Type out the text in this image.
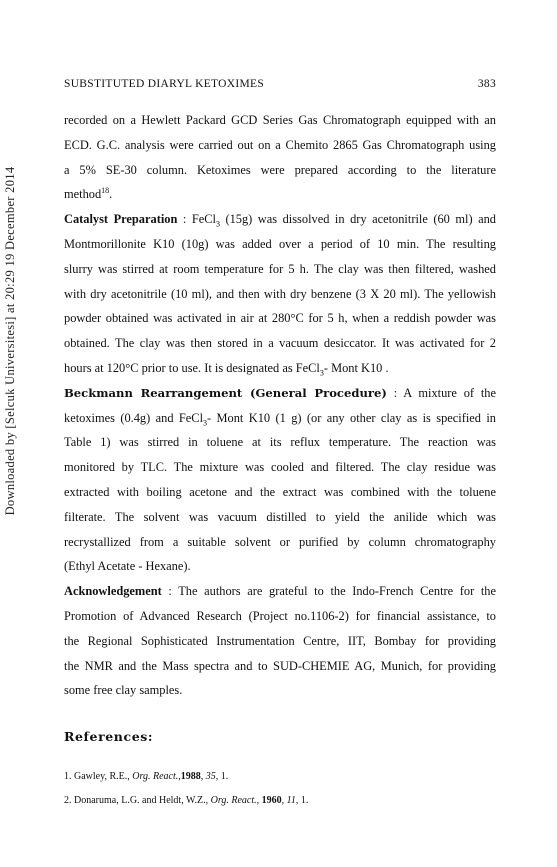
Downloaded by [Selcuk Universitesi] at 20:29 19 December 2014
SUBSTITUTED DIARYL KETOXIMES	383
recorded on a Hewlett Packard GCD Series Gas Chromatograph equipped with an
ECD. G.C. analysis were carried out on a Chemito 2865 Gas Chromatograph using
a 5% SE-30 column. Ketoximes were prepared according to the literature
method$^{18}$.
Catalyst Preparation : FeCl$_3$ (15g) was dissolved in dry acetonitrile (60 ml) and
Montmorillonite K10 (10g) was added over a period of 10 min. The resulting
slurry was stirred at room temperature for 5 h. The clay was then filtered, washed
with dry acetonitrile (10 ml), and then with dry benzene (3 X 20 ml). The yellowish
powder obtained was activated in air at 280°C for 5 h, when a reddish powder was
obtained. The clay was then stored in a vacuum desiccator. It was activated for 2
hours at 120°C prior to use. It is designated as FeCl$_3$- Mont K10 .
Beckmann Rearrangement (General Procedure) : A mixture of the
ketoximes (0.4g) and FeCl$_3$- Mont K10 (1 g) (or any other clay as is specified in
Table 1) was stirred in toluene at its reflux temperature. The reaction was
monitored by TLC. The mixture was cooled and filtered. The clay residue was
extracted with boiling acetone and the extract was combined with the toluene
filterate. The solvent was vacuum distilled to yield the anilide which was
recrystallized from a suitable solvent or purified by column chromatography
(Ethyl Acetate - Hexane).
Acknowledgement : The authors are grateful to the Indo-French Centre for the
Promotion of Advanced Research (Project no.1106-2) for financial assistance, to
the Regional Sophisticated Instrumentation Centre, IIT, Bombay for providing
the NMR and the Mass spectra and to SUD-CHEMIE AG, Munich, for providing
some free clay samples.
References:
1. Gawley, R.E., Org. React.,1988, 35, 1.
2. Donaruma, L.G. and Heldt, W.Z., Org. React., 1960, 11, 1.
